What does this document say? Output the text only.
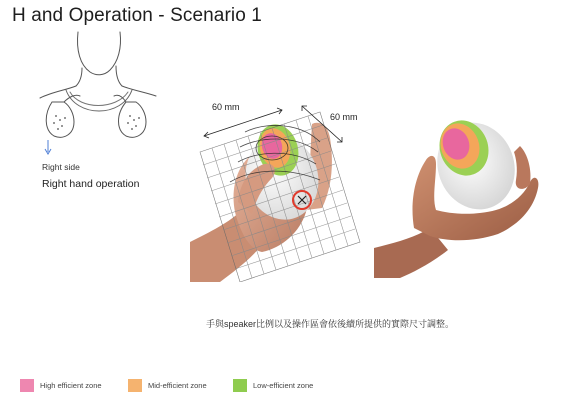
H and Operation - Scenario 1
Right side
Right hand operation
60 mm
60 mm
手與speaker比例以及操作區會依後續所提供的實際尺寸調整。
High efficient zone	Mid-efficient zone	Low-efficient zone
